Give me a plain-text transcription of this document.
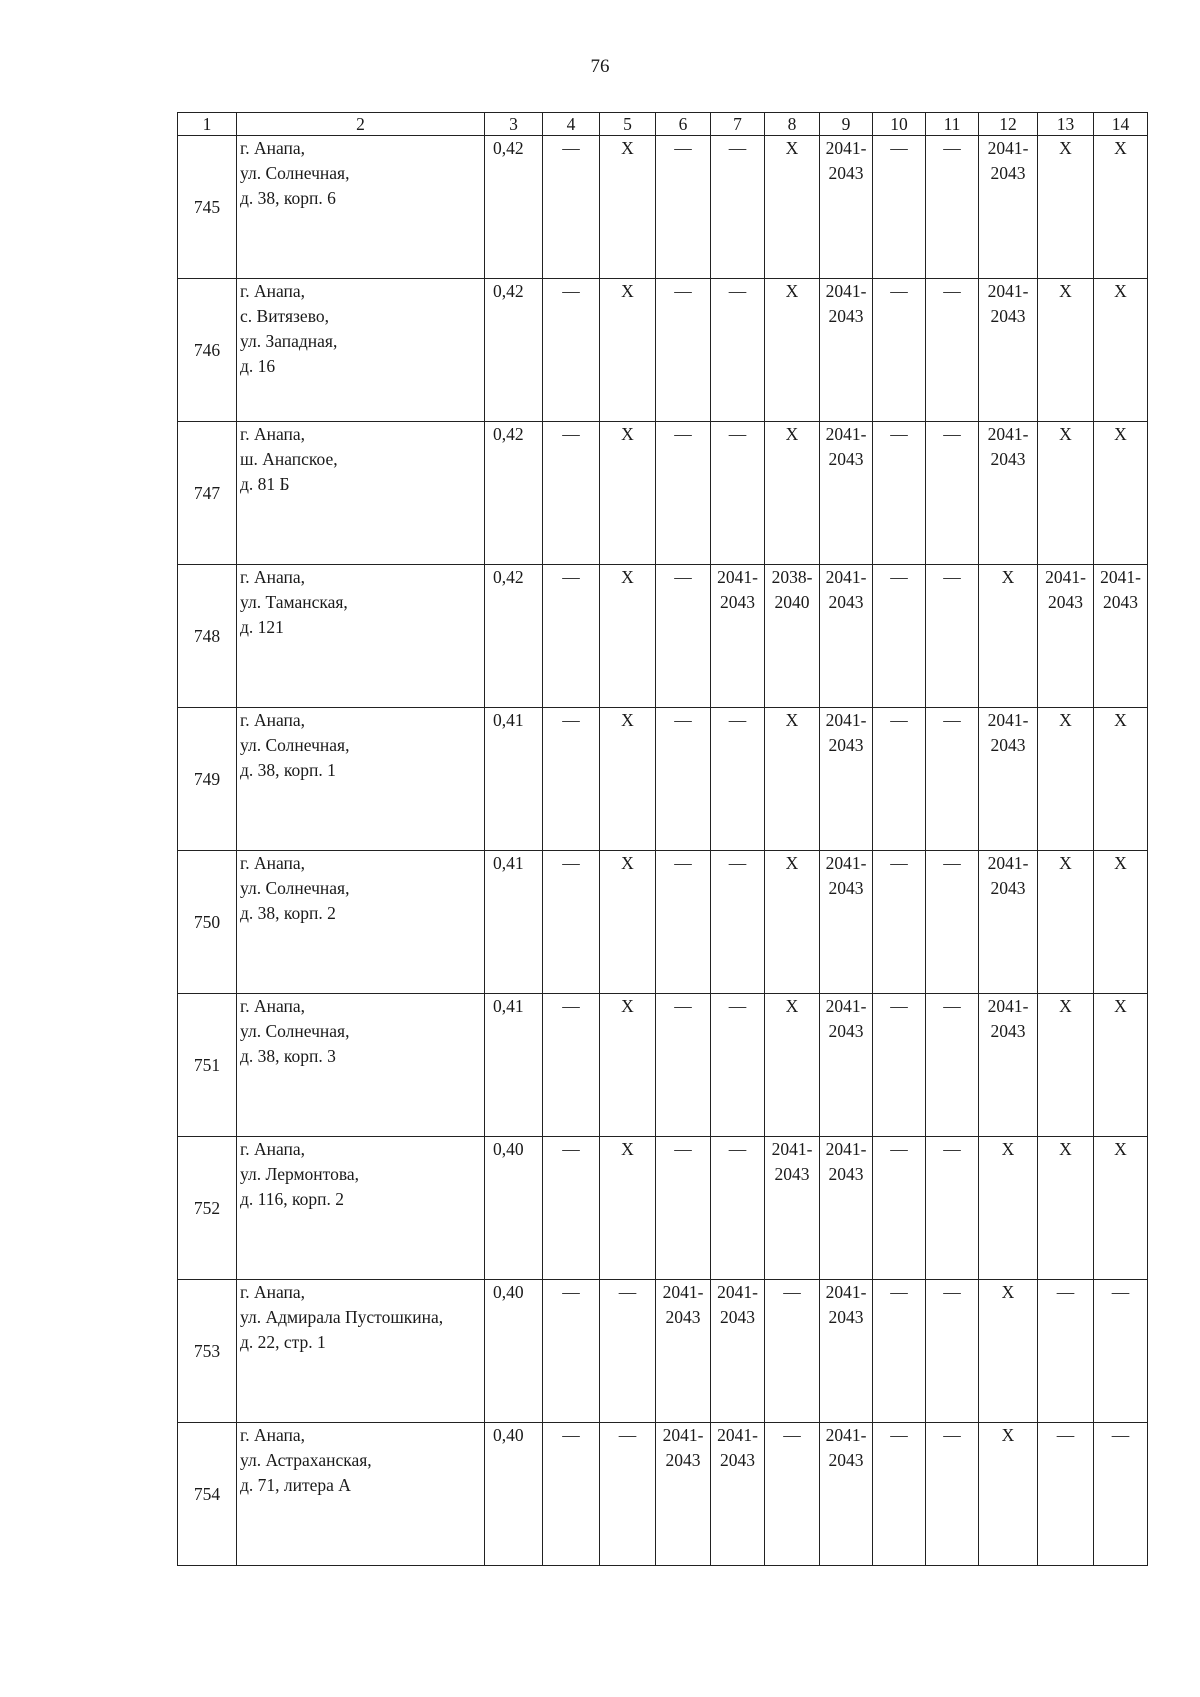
76
1	2	3	4	5	6	7	8	9	10	11	12	13	14
745	г. Анапа,
ул. Солнечная,
д. 38, корп. 6	0,42	—	X	—	—	X	2041-
2043	—	—	2041-
2043	X	X
746	г. Анапа,
с. Витязево,
ул. Западная,
д. 16	0,42	—	X	—	—	X	2041-
2043	—	—	2041-
2043	X	X
747	г. Анапа,
ш. Анапское,
д. 81 Б	0,42	—	X	—	—	X	2041-
2043	—	—	2041-
2043	X	X
748	г. Анапа,
ул. Таманская,
д. 121	0,42	—	X	—	2041-
2043	2038-
2040	2041-
2043	—	—	X	2041-
2043	2041-
2043

749	г. Анапа,
ул. Солнечная,
д. 38, корп. 1	0,41	—	X	—	—	X	2041-
2043	—	—	2041-
2043	X	X
750	г. Анапа,
ул. Солнечная,
д. 38, корп. 2	0,41	—	X	—	—	X	2041-
2043	—	—	2041-
2043	X	X
751	г. Анапа,
ул. Солнечная,
д. 38, корп. 3	0,41	—	X	—	—	X	2041-
2043	—	—	2041-
2043	X	X
752	г. Анапа,
ул. Лермонтова,
д. 116, корп. 2	0,40	—	X	—	—	2041-
2043	2041-
2043	—	—	X	X	X
753	г. Анапа,
ул. Адмирала Пустошкина,
д. 22, стр. 1	0,40	—	—	2041-
2043	2041-
2043	—	2041-
2043	—	—	X	—	—
754	г. Анапа,
ул. Астраханская,
д. 71, литера А	0,40	—	—	2041-
2043	2041-
2043	—	2041-
2043	—	—	X	—	—
